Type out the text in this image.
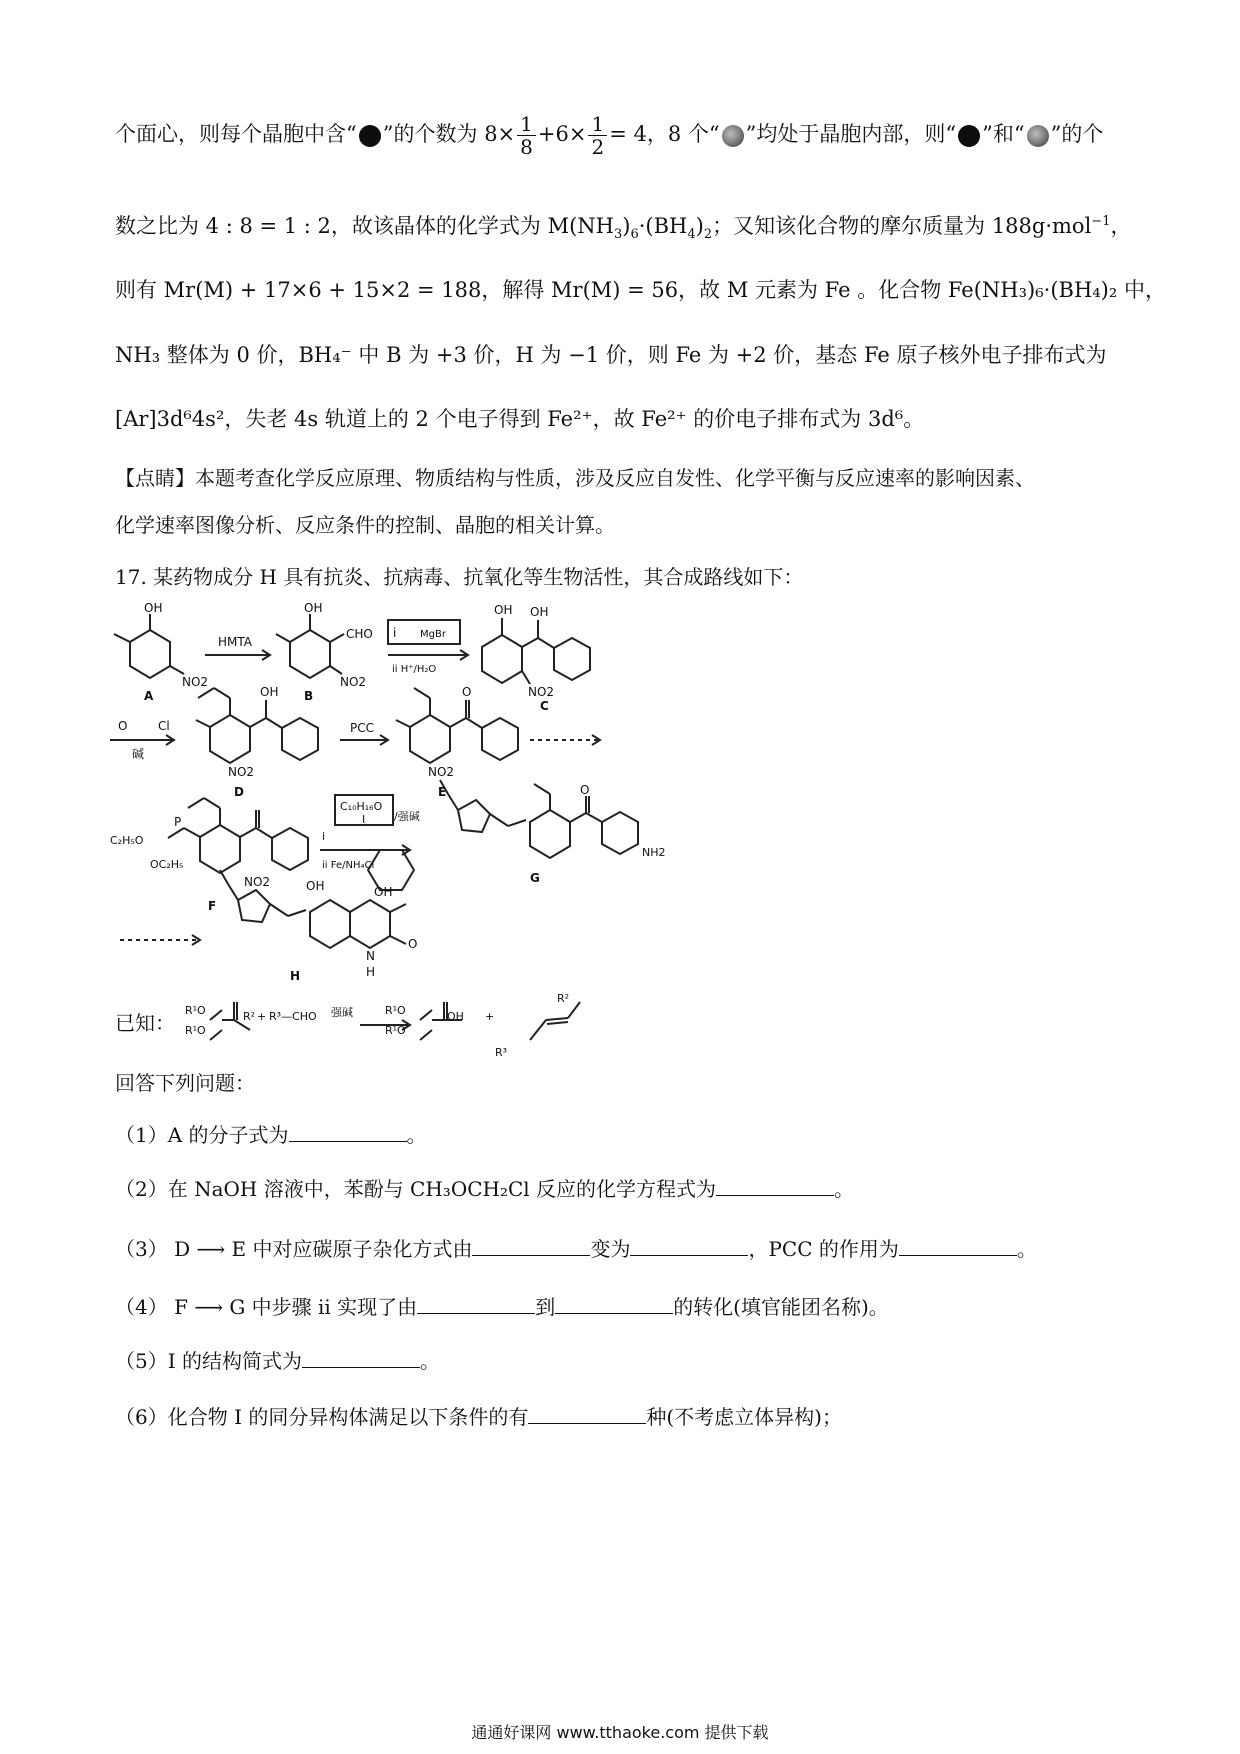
个面心，则每个晶胞中含“ ”的个数为 $8\times \frac{1}{8} +6\times \frac{1}{2} = 4$，8 个“ ”均处于晶胞内部，则“ ”和“ ”的个
数之比为 4 : 8 = 1 : 2，故该晶体的化学式为 $M(NH_3)_6\cdot(BH_4)_2$；又知该化合物的摩尔质量为 188g·mol$^{-1}$，
则有 Mr(M) + 17×6 + 15×2 = 188，解得 Mr(M) = 56，故 M 元素为 Fe 。化合物 Fe(NH₃)₆·(BH₄)₂ 中，
NH₃ 整体为 0 价，BH₄⁻ 中 B 为 +3 价，H 为 −1 价，则 Fe 为 +2 价，基态 Fe 原子核外电子排布式为
[Ar]3d⁶4s²，失老 4s 轨道上的 2 个电子得到 Fe²⁺，故 Fe²⁺ 的价电子排布式为 3d⁶。
【点睛】本题考查化学反应原理、物质结构与性质，涉及反应自发性、化学平衡与反应速率的影响因素、
化学速率图像分析、反应条件的控制、晶胞的相关计算。
17. 某药物成分 H 具有抗炎、抗病毒、抗氧化等生物活性，其合成路线如下：
OH
NO2
A
HMTA
OH
CHO
NO2
B
i MgBr
ii H⁺/H₂O
OH OH
NO2
C
O	Cl
碱
OH
NO2
D
PCC
O
NO2
E
C₂H₅O
OC₂H₅
P
NO2
F
C₁₀H₁₆O
I
i
/强碱
ii Fe/NH₄Cl
NH2
O
G
OH	OH
N
H
O
H
已知：
R¹O
R¹O
R² + R³—CHO 强碱	R¹O
R¹O
OH +
R²
R³
回答下列问题：
（1）A 的分子式为	。
（2）在 NaOH 溶液中，苯酚与 CH₃OCH₂Cl 反应的化学方程式为	。
（3） D ⟶ E 中对应碳原子杂化方式由	变为	，PCC 的作用为	。
（4） F ⟶ G 中步骤 ii 实现了由	到	的转化(填官能团名称)。
（5）I 的结构简式为	。
（6）化合物 I 的同分异构体满足以下条件的有	种(不考虑立体异构)；
通通好课网 www.tthaoke.com 提供下载
